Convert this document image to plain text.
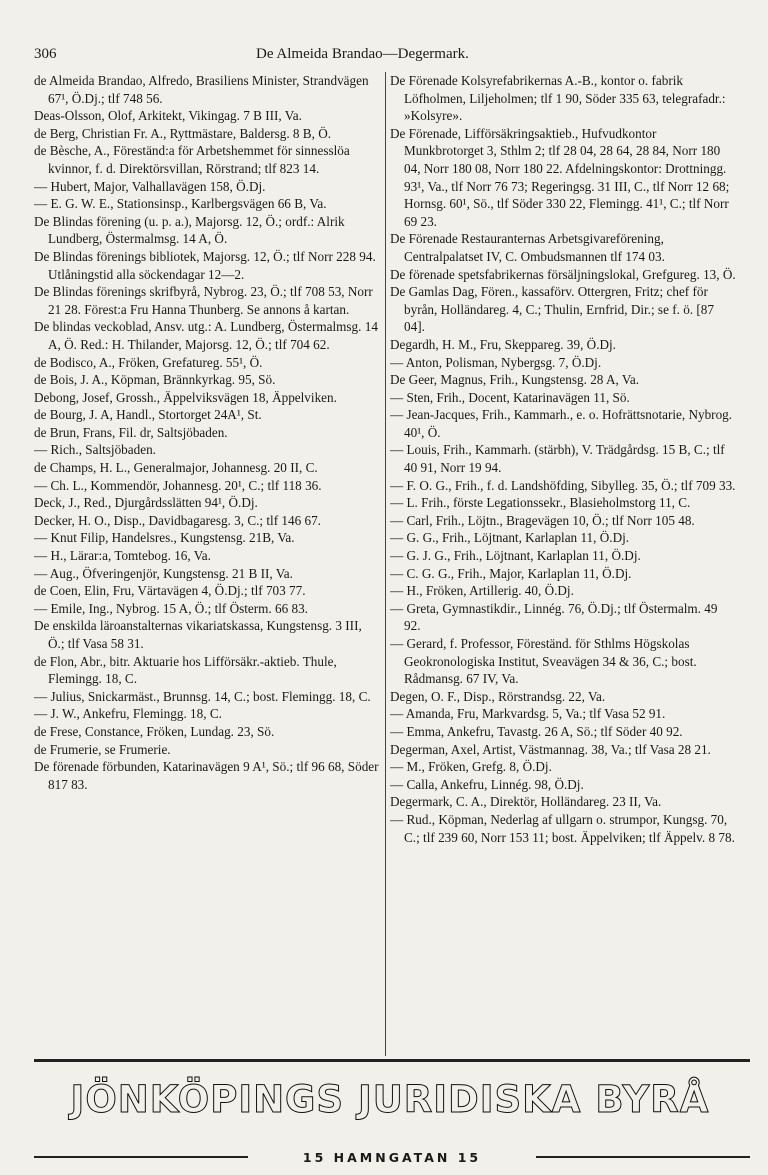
306	De Almeida Brandao—Degermark.

de Almeida Brandao, Alfredo, Brasiliens Minister, Strandvägen 67¹, Ö.Dj.; tlf 748 56.

Deas-Olsson, Olof, Arkitekt, Vikingag. 7 B III, Va.

de Berg, Christian Fr. A., Ryttmästare, Baldersg. 8 B, Ö.

de Bèsche, A., Föreständ:a för Arbetshemmet för sinnesslöa kvinnor, f. d. Direktörsvillan, Rörstrand; tlf 823 14.

— Hubert, Major, Valhallavägen 158, Ö.Dj.

— E. G. W. E., Stationsinsp., Karlbergsvägen 66 B, Va.

De Blindas förening (u. p. a.), Majorsg. 12, Ö.; ordf.: Alrik Lundberg, Östermalmsg. 14 A, Ö.

De Blindas förenings bibliotek, Majorsg. 12, Ö.; tlf Norr 228 94. Utlåningstid alla söckendagar 12—2.

De Blindas förenings skrifbyrå, Nybrog. 23, Ö.; tlf 708 53, Norr 21 28. Förest:a Fru Hanna Thunberg. Se annons å kartan.

De blindas veckoblad, Ansv. utg.: A. Lundberg, Östermalmsg. 14 A, Ö. Red.: H. Thilander, Majorsg. 12, Ö.; tlf 704 62.

de Bodisco, A., Fröken, Grefatureg. 55¹, Ö.

de Bois, J. A., Köpman, Brännkyrkag. 95, Sö.

Debong, Josef, Grossh., Äppelviksvägen 18, Äppelviken.

de Bourg, J. A, Handl., Stortorget 24A¹, St.

de Brun, Frans, Fil. dr, Saltsjöbaden.

— Rich., Saltsjöbaden.

de Champs, H. L., Generalmajor, Johannesg. 20 II, C.

— Ch. L., Kommendör, Johannesg. 20¹, C.; tlf 118 36.

Deck, J., Red., Djurgårdsslätten 94¹, Ö.Dj.

Decker, H. O., Disp., Davidbagaresg. 3, C.; tlf 146 67.

— Knut Filip, Handelsres., Kungstensg. 21B, Va.

— H., Lärar:a, Tomtebog. 16, Va.

— Aug., Öfveringenjör, Kungstensg. 21 B II, Va.

de Coen, Elin, Fru, Värtavägen 4, Ö.Dj.; tlf 703 77.

— Emile, Ing., Nybrog. 15 A, Ö.; tlf Österm. 66 83.

De enskilda läroanstalternas vikariatskassa, Kungstensg. 3 III, Ö.; tlf Vasa 58 31.

de Flon, Abr., bitr. Aktuarie hos Lifförsäkr.-aktieb. Thule, Flemingg. 18, C.

— Julius, Snickarmäst., Brunnsg. 14, C.; bost. Flemingg. 18, C.

— J. W., Ankefru, Flemingg. 18, C.

de Frese, Constance, Fröken, Lundag. 23, Sö.

de Frumerie, se Frumerie.

De förenade förbunden, Katarinavägen 9 A¹, Sö.; tlf 96 68, Söder 817 83.

De Förenade Kolsyrefabrikernas A.-B., kontor o. fabrik Löfholmen, Liljeholmen; tlf 1 90, Söder 335 63, telegrafadr.: »Kolsyre».

De Förenade, Lifförsäkringsaktieb., Hufvudkontor Munkbrotorget 3, Sthlm 2; tlf 28 04, 28 64, 28 84, Norr 180 04, Norr 180 08, Norr 180 22. Afdelningskontor: Drottningg. 93¹, Va., tlf Norr 76 73; Regeringsg. 31 III, C., tlf Norr 12 68; Hornsg. 60¹, Sö., tlf Söder 330 22, Flemingg. 41¹, C.; tlf Norr 69 23.

De Förenade Restauranternas Arbetsgivareförening, Centralpalatset IV, C. Ombudsmannen tlf 174 03.

De förenade spetsfabrikernas försäljningslokal, Grefgureg. 13, Ö.

De Gamlas Dag, Fören., kassaförv. Ottergren, Fritz; chef för byrån, Holländareg. 4, C.; Thulin, Ernfrid, Dir.; se f. ö. [87 04].

Degardh, H. M., Fru, Skeppareg. 39, Ö.Dj.

— Anton, Polisman, Nybergsg. 7, Ö.Dj.

De Geer, Magnus, Frih., Kungstensg. 28 A, Va.

— Sten, Frih., Docent, Katarinavägen 11, Sö.

— Jean-Jacques, Frih., Kammarh., e. o. Hofrättsnotarie, Nybrog. 40¹, Ö.

— Louis, Frih., Kammarh. (stärbh), V. Trädgårdsg. 15 B, C.; tlf 40 91, Norr 19 94.

— F. O. G., Frih., f. d. Landshöfding, Sibylleg. 35, Ö.; tlf 709 33.

— L. Frih., förste Legationssekr., Blasieholmstorg 11, C.

— Carl, Frih., Löjtn., Bragevägen 10, Ö.; tlf Norr 105 48.

— G. G., Frih., Löjtnant, Karlaplan 11, Ö.Dj.

— G. J. G., Frih., Löjtnant, Karlaplan 11, Ö.Dj.

— C. G. G., Frih., Major, Karlaplan 11, Ö.Dj.

— H., Fröken, Artillerig. 40, Ö.Dj.

— Greta, Gymnastikdir., Linnég. 76, Ö.Dj.; tlf Östermalm. 49 92.

— Gerard, f. Professor, Föreständ. för Sthlms Högskolas Geokronologiska Institut, Sveavägen 34 & 36, C.; bost. Rådmansg. 67 IV, Va.

Degen, O. F., Disp., Rörstrandsg. 22, Va.

— Amanda, Fru, Markvardsg. 5, Va.; tlf Vasa 52 91.

— Emma, Ankefru, Tavastg. 26 A, Sö.; tlf Söder 40 92.

Degerman, Axel, Artist, Västmannag. 38, Va.; tlf Vasa 28 21.

— M., Fröken, Grefg. 8, Ö.Dj.

— Calla, Ankefru, Linnég. 98, Ö.Dj.

Degermark, C. A., Direktör, Holländareg. 23 II, Va.

— Rud., Köpman, Nederlag af ullgarn o. strumpor, Kungsg. 70, C.; tlf 239 60, Norr 153 11; bost. Äppelviken; tlf Äppelv. 8 78.

JÖNKÖPINGS JURIDISKA BYRÅ
15 HAMNGATAN 15
